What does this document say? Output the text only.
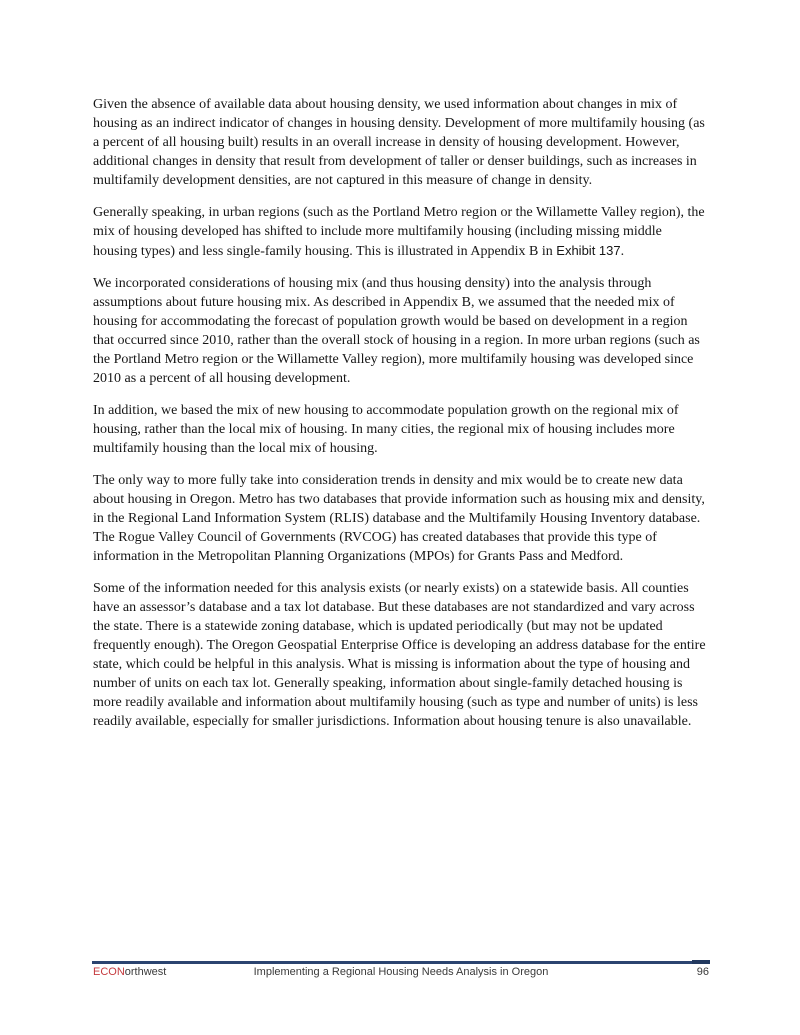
Given the absence of available data about housing density, we used information about changes in mix of housing as an indirect indicator of changes in housing density. Development of more multifamily housing (as a percent of all housing built) results in an overall increase in density of housing development. However, additional changes in density that result from development of taller or denser buildings, such as increases in multifamily development densities, are not captured in this measure of change in density.

Generally speaking, in urban regions (such as the Portland Metro region or the Willamette Valley region), the mix of housing developed has shifted to include more multifamily housing (including missing middle housing types) and less single-family housing. This is illustrated in Appendix B in Exhibit 137.

We incorporated considerations of housing mix (and thus housing density) into the analysis through assumptions about future housing mix. As described in Appendix B, we assumed that the needed mix of housing for accommodating the forecast of population growth would be based on development in a region that occurred since 2010, rather than the overall stock of housing in a region. In more urban regions (such as the Portland Metro region or the Willamette Valley region), more multifamily housing was developed since 2010 as a percent of all housing development.

In addition, we based the mix of new housing to accommodate population growth on the regional mix of housing, rather than the local mix of housing. In many cities, the regional mix of housing includes more multifamily housing than the local mix of housing.

The only way to more fully take into consideration trends in density and mix would be to create new data about housing in Oregon. Metro has two databases that provide information such as housing mix and density, in the Regional Land Information System (RLIS) database and the Multifamily Housing Inventory database. The Rogue Valley Council of Governments (RVCOG) has created databases that provide this type of information in the Metropolitan Planning Organizations (MPOs) for Grants Pass and Medford.

Some of the information needed for this analysis exists (or nearly exists) on a statewide basis. All counties have an assessor’s database and a tax lot database. But these databases are not standardized and vary across the state. There is a statewide zoning database, which is updated periodically (but may not be updated frequently enough). The Oregon Geospatial Enterprise Office is developing an address database for the entire state, which could be helpful in this analysis. What is missing is information about the type of housing and number of units on each tax lot. Generally speaking, information about single-family detached housing is more readily available and information about multifamily housing (such as type and number of units) is less readily available, especially for smaller jurisdictions. Information about housing tenure is also unavailable.

ECONorthwest	Implementing a Regional Housing Needs Analysis in Oregon	96
